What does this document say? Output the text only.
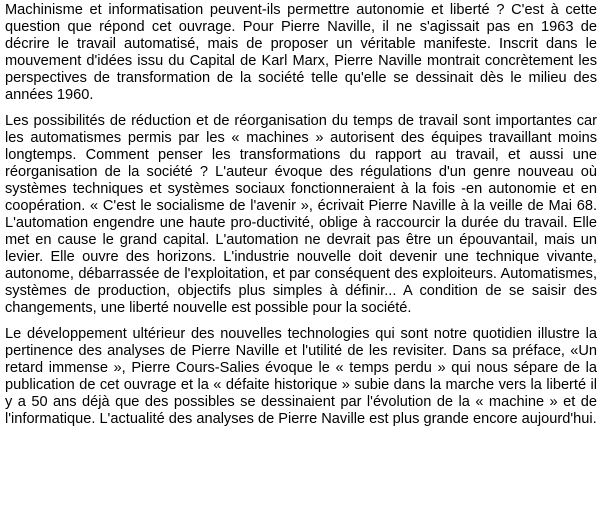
Machinisme et informatisation peuvent-ils permettre autonomie et liberté ? C'est à cette question que répond cet ouvrage. Pour Pierre Naville, il ne s'agissait pas en 1963 de décrire le travail automatisé, mais de proposer un véritable manifeste. Inscrit dans le mouvement d'idées issu du Capital de Karl Marx, Pierre Naville montrait concrètement les perspectives de transformation de la société telle qu'elle se dessinait dès le milieu des années 1960.

Les possibilités de réduction et de réorganisation du temps de travail sont importantes car les automatismes permis par les « machines » autorisent des équipes travaillant moins longtemps. Comment penser les transformations du rapport au travail, et aussi une réorganisation de la société ? L'auteur évoque des régulations d'un genre nouveau où systèmes techniques et systèmes sociaux fonctionneraient à la fois -en autonomie et en coopération. « C'est le socialisme de l'avenir », écrivait Pierre Naville à la veille de Mai 68. L'automation engendre une haute pro-ductivité, oblige à raccourcir la durée du travail. Elle met en cause le grand capital. L'automation ne devrait pas être un épouvantail, mais un levier. Elle ouvre des horizons. L'industrie nouvelle doit devenir une technique vivante, autonome, débarrassée de l'exploitation, et par conséquent des exploiteurs. Automatismes, systèmes de production, objectifs plus simples à définir... A condition de se saisir des changements, une liberté nouvelle est possible pour la société.

Le développement ultérieur des nouvelles technologies qui sont notre quotidien illustre la pertinence des analyses de Pierre Naville et l'utilité de les revisiter. Dans sa préface, «Un retard immense », Pierre Cours-Salies évoque le « temps perdu » qui nous sépare de la publication de cet ouvrage et la « défaite historique » subie dans la marche vers la liberté il y a 50 ans déjà que des possibles se dessinaient par l'évolution de la « machine » et de l'informatique. L'actualité des analyses de Pierre Naville est plus grande encore aujourd'hui.
